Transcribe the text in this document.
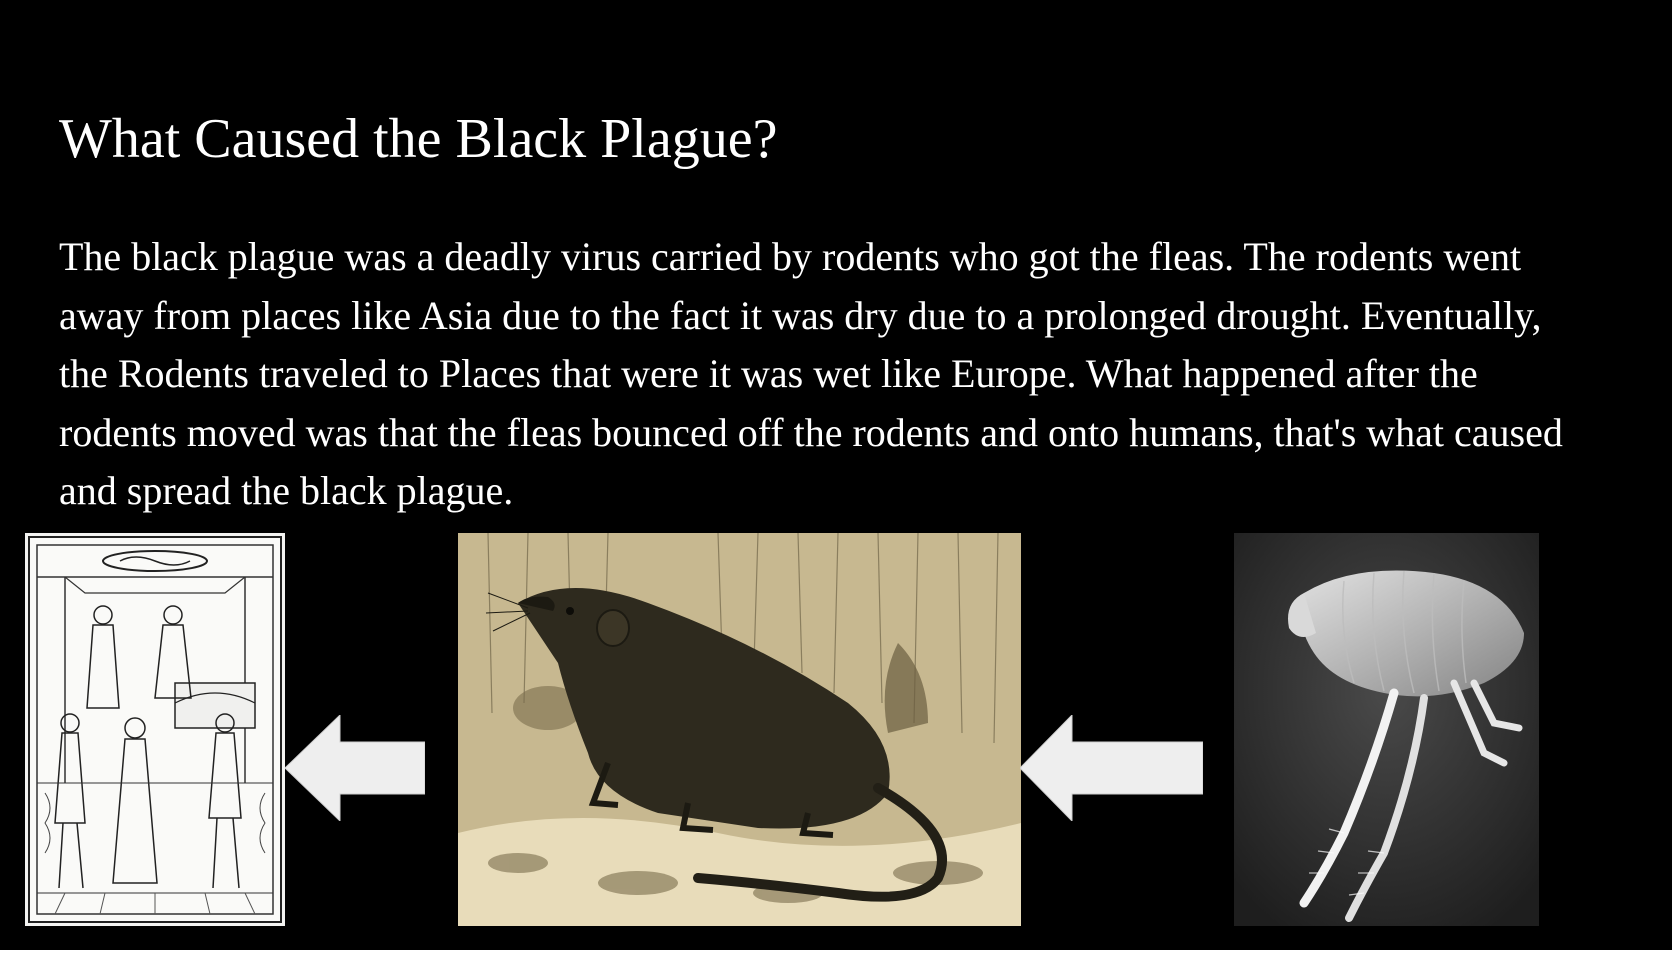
What Caused the Black Plague?

The black plague was a deadly virus carried by rodents who got the fleas. The rodents went away from places like Asia due to the fact it was dry due to a prolonged drought. Eventually, the Rodents traveled to Places that were it was wet like Europe. What happened after the rodents moved was that the fleas bounced off the rodents and onto humans, that's what caused and spread the black plague.
